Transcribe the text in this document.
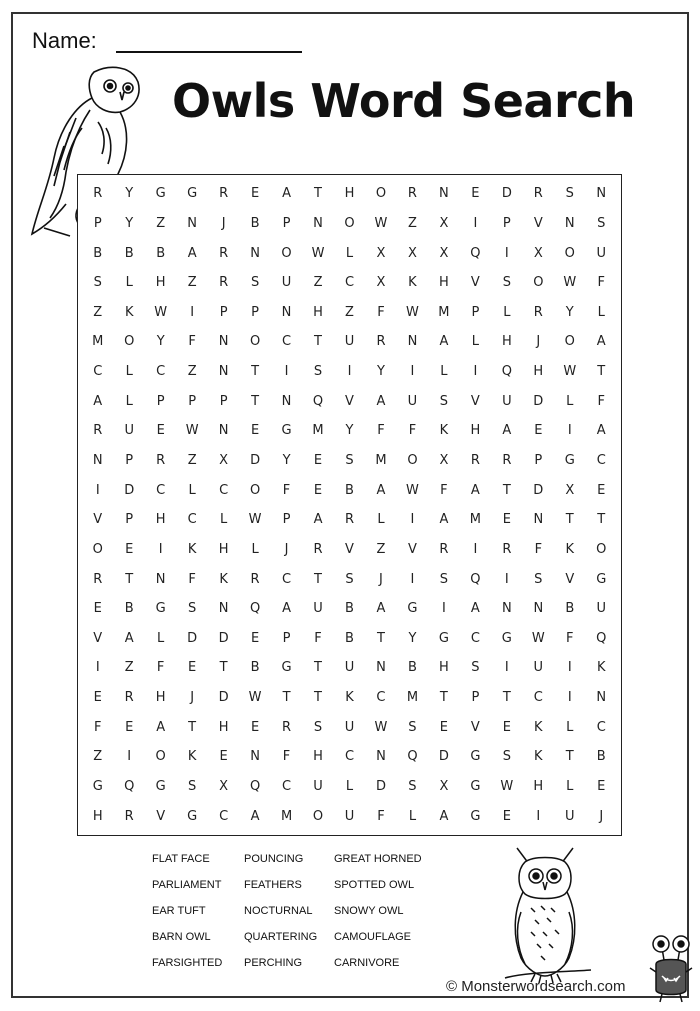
Name:
Owls Word Search
R	Y	G	G	R	E	A	T	H	O	R	N	E	D	R	S	N
P	Y	Z	N	J	B	P	N	O	W	Z	X	I	P	V	N	S
B	B	B	A	R	N	O	W	L	X	X	X	Q	I	X	O	U
S	L	H	Z	R	S	U	Z	C	X	K	H	V	S	O	W	F
Z	K	W	I	P	P	N	H	Z	F	W	M	P	L	R	Y	L
M	O	Y	F	N	O	C	T	U	R	N	A	L	H	J	O	A
C	L	C	Z	N	T	I	S	I	Y	I	L	I	Q	H	W	T
A	L	P	P	P	T	N	Q	V	A	U	S	V	U	D	L	F
R	U	E	W	N	E	G	M	Y	F	F	K	H	A	E	I	A
N	P	R	Z	X	D	Y	E	S	M	O	X	R	R	P	G	C
I	D	C	L	C	O	F	E	B	A	W	F	A	T	D	X	E
V	P	H	C	L	W	P	A	R	L	I	A	M	E	N	T	T
O	E	I	K	H	L	J	R	V	Z	V	R	I	R	F	K	O
R	T	N	F	K	R	C	T	S	J	I	S	Q	I	S	V	G
E	B	G	S	N	Q	A	U	B	A	G	I	A	N	N	B	U
V	A	L	D	D	E	P	F	B	T	Y	G	C	G	W	F	Q
I	Z	F	E	T	B	G	T	U	N	B	H	S	I	U	I	K
E	R	H	J	D	W	T	T	K	C	M	T	P	T	C	I	N
F	E	A	T	H	E	R	S	U	W	S	E	V	E	K	L	C
Z	I	O	K	E	N	F	H	C	N	Q	D	G	S	K	T	B
G	Q	G	S	X	Q	C	U	L	D	S	X	G	W	H	L	E
H	R	V	G	C	A	M	O	U	F	L	A	G	E	I	U	J
FLAT FACE	POUNCING	GREAT HORNED
PARLIAMENT	FEATHERS	SPOTTED OWL
EAR TUFT	NOCTURNAL	SNOWY OWL
BARN OWL	QUARTERING	CAMOUFLAGE
FARSIGHTED	PERCHING	CARNIVORE
© Monsterwordsearch.com
